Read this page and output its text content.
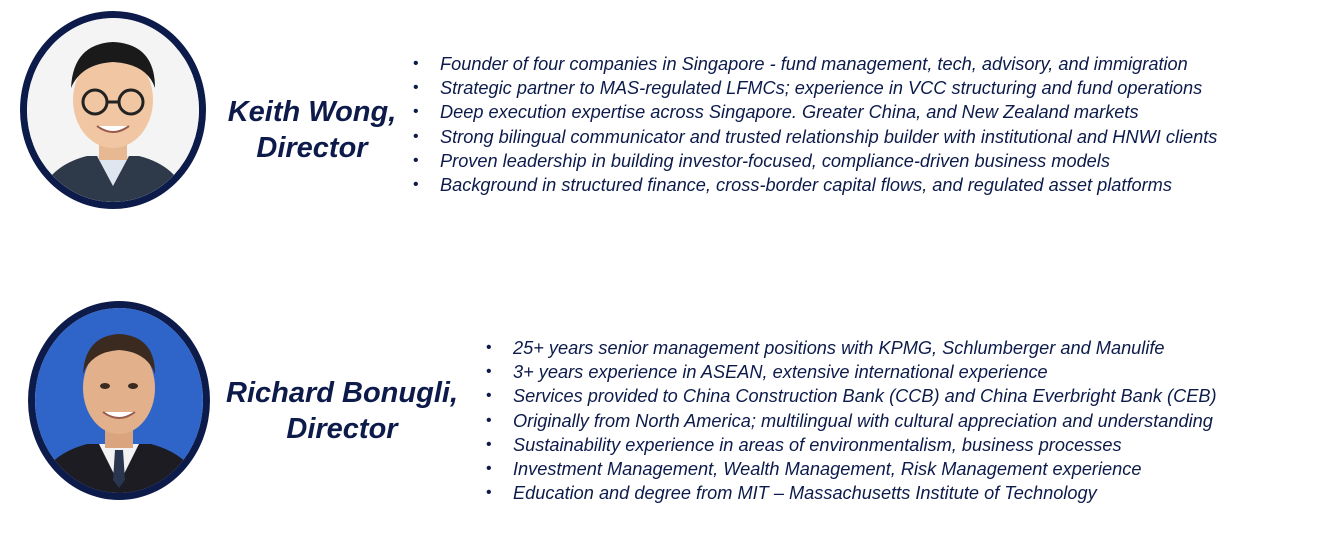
Keith Wong,
Director
• Founder of four companies in Singapore - fund management, tech, advisory, and immigration
• Strategic partner to MAS-regulated LFMCs; experience in VCC structuring and fund operations
• Deep execution expertise across Singapore. Greater China, and New Zealand markets
• Strong bilingual communicator and trusted relationship builder with institutional and HNWI clients
• Proven leadership in building investor-focused, compliance-driven business models
• Background in structured finance, cross-border capital flows, and regulated asset platforms
Richard Bonugli,
Director
• 25+ years senior management positions with KPMG, Schlumberger and Manulife
• 3+ years experience in ASEAN, extensive international experience
• Services provided to China Construction Bank (CCB) and China Everbright Bank (CEB)
• Originally from North America; multilingual with cultural appreciation and understanding
• Sustainability experience in areas of environmentalism, business processes
• Investment Management, Wealth Management, Risk Management experience
• Education and degree from MIT – Massachusetts Institute of Technology
